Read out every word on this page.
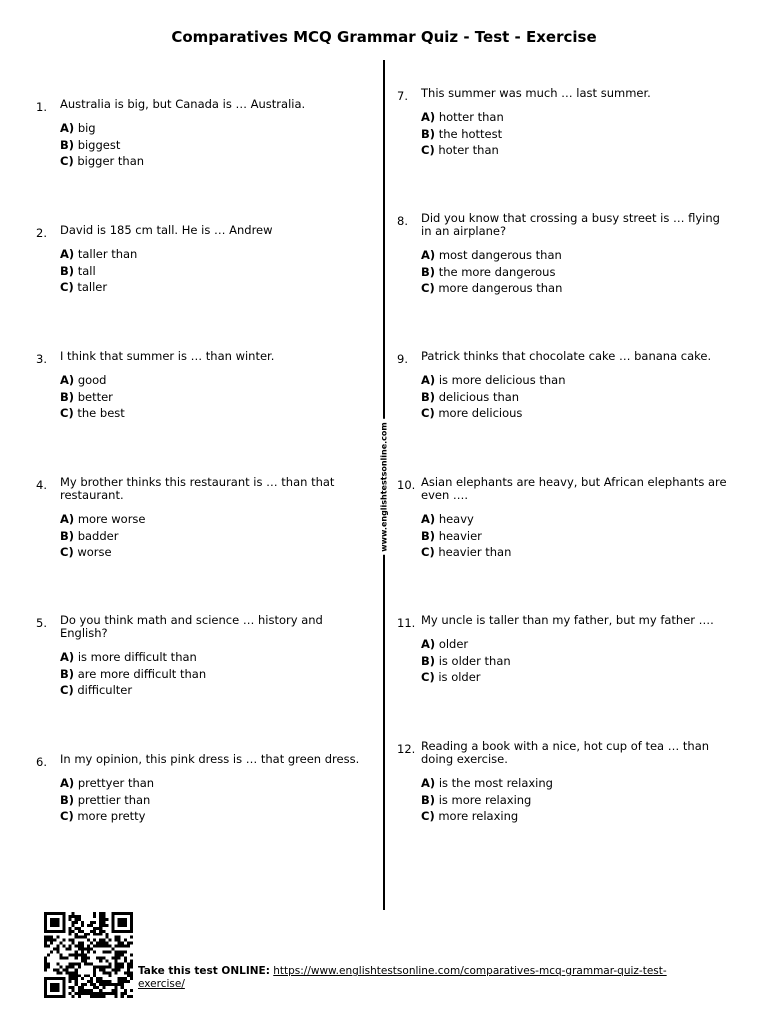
Comparatives MCQ Grammar Quiz - Test - Exercise
www.englishtestsonline.com
1. Australia is big, but Canada is … Australia.
A) big
B) biggest
C) bigger than
2. David is 185 cm tall. He is … Andrew
A) taller than
B) tall
C) taller
3. I think that summer is … than winter.
A) good
B) better
C) the best
4. My brother thinks this restaurant is … than that restaurant.
A) more worse
B) badder
C) worse
5. Do you think math and science … history and English?
A) is more difficult than
B) are more difficult than
C) difficulter
6. In my opinion, this pink dress is … that green dress.
A) prettyer than
B) prettier than
C) more pretty
7. This summer was much … last summer.
A) hotter than
B) the hottest
C) hoter than
8. Did you know that crossing a busy street is … flying in an airplane?
A) most dangerous than
B) the more dangerous
C) more dangerous than
9. Patrick thinks that chocolate cake … banana cake.
A) is more delicious than
B) delicious than
C) more delicious
10. Asian elephants are heavy, but African elephants are even ….
A) heavy
B) heavier
C) heavier than
11. My uncle is taller than my father, but my father ….
A) older
B) is older than
C) is older
12. Reading a book with a nice, hot cup of tea … than doing exercise.
A) is the most relaxing
B) is more relaxing
C) more relaxing
Take this test ONLINE: https://www.englishtestsonline.com/comparatives-mcq-grammar-quiz-test-exercise/
